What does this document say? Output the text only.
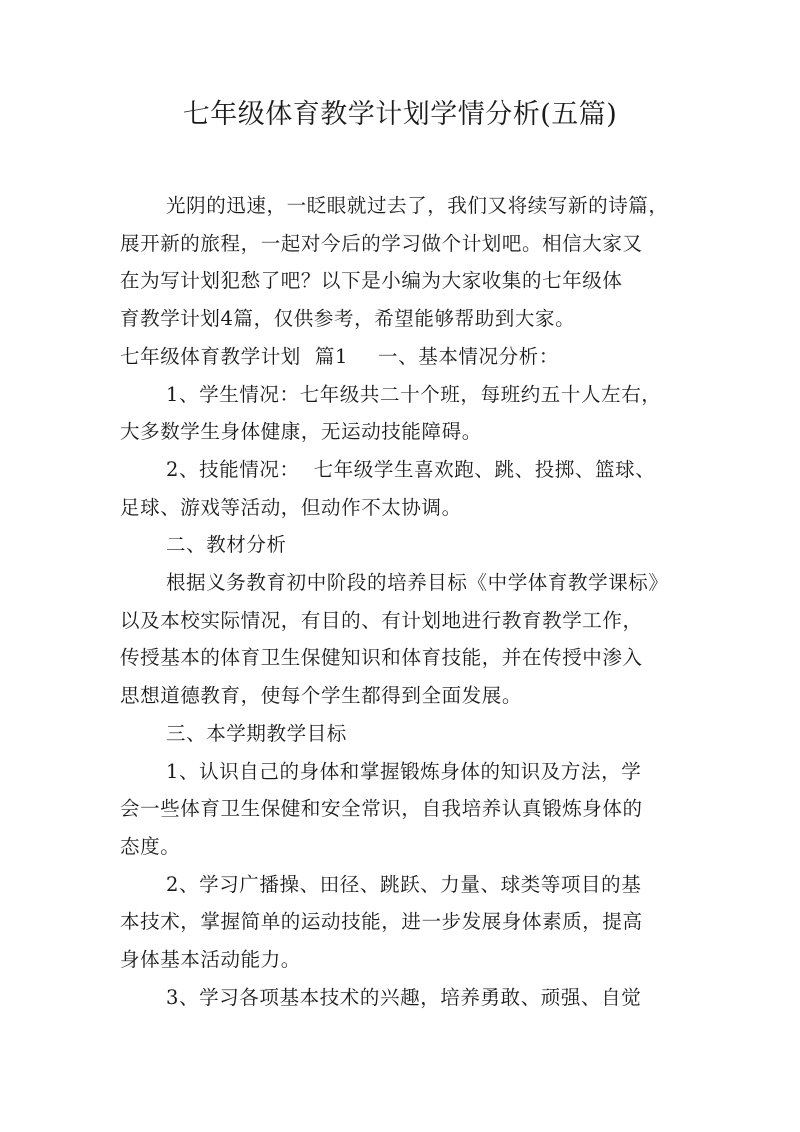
七年级体育教学计划学情分析(五篇)

光阴的迅速，一眨眼就过去了，我们又将续写新的诗篇，

展开新的旅程，一起对今后的学习做个计划吧。相信大家又

在为写计划犯愁了吧？以下是小编为大家收集的七年级体

育教学计划4篇，仅供参考，希望能够帮助到大家。

七年级体育教学计划 篇1 一、基本情况分析：

1、学生情况：七年级共二十个班，每班约五十人左右，

大多数学生身体健康，无运动技能障碍。

2、技能情况： 七年级学生喜欢跑、跳、投掷、篮球、

足球、游戏等活动，但动作不太协调。

二、教材分析

根据义务教育初中阶段的培养目标《中学体育教学课标》

以及本校实际情况，有目的、有计划地进行教育教学工作，

传授基本的体育卫生保健知识和体育技能，并在传授中渗入

思想道德教育，使每个学生都得到全面发展。

三、本学期教学目标

1、认识自己的身体和掌握锻炼身体的知识及方法，学

会一些体育卫生保健和安全常识，自我培养认真锻炼身体的

态度。

2、学习广播操、田径、跳跃、力量、球类等项目的基

本技术，掌握简单的运动技能，进一步发展身体素质，提高

身体基本活动能力。

3、学习各项基本技术的兴趣，培养勇敢、顽强、自觉
